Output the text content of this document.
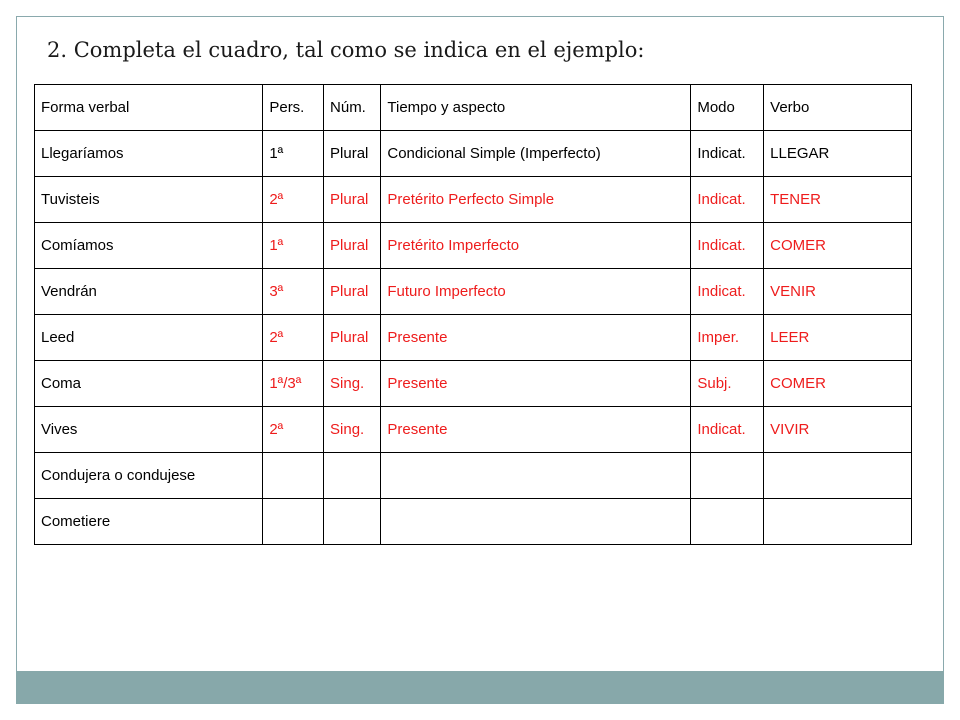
2. Completa el cuadro, tal como se indica en el ejemplo:
Forma verbal	Pers.	Núm.	Tiempo y aspecto	Modo	Verbo
Llegaríamos	1ª	Plural	Condicional Simple (Imperfecto)	Indicat.	LLEGAR
Tuvisteis	2ª	Plural	Pretérito Perfecto Simple	Indicat.	TENER
Comíamos	1ª	Plural	Pretérito Imperfecto	Indicat.	COMER
Vendrán	3ª	Plural	Futuro Imperfecto	Indicat.	VENIR
Leed	2ª	Plural	Presente	Imper.	LEER
Coma	1ª/3ª	Sing.	Presente	Subj.	COMER
Vives	2ª	Sing.	Presente	Indicat.	VIVIR
Condujera o condujese					
Cometiere					
